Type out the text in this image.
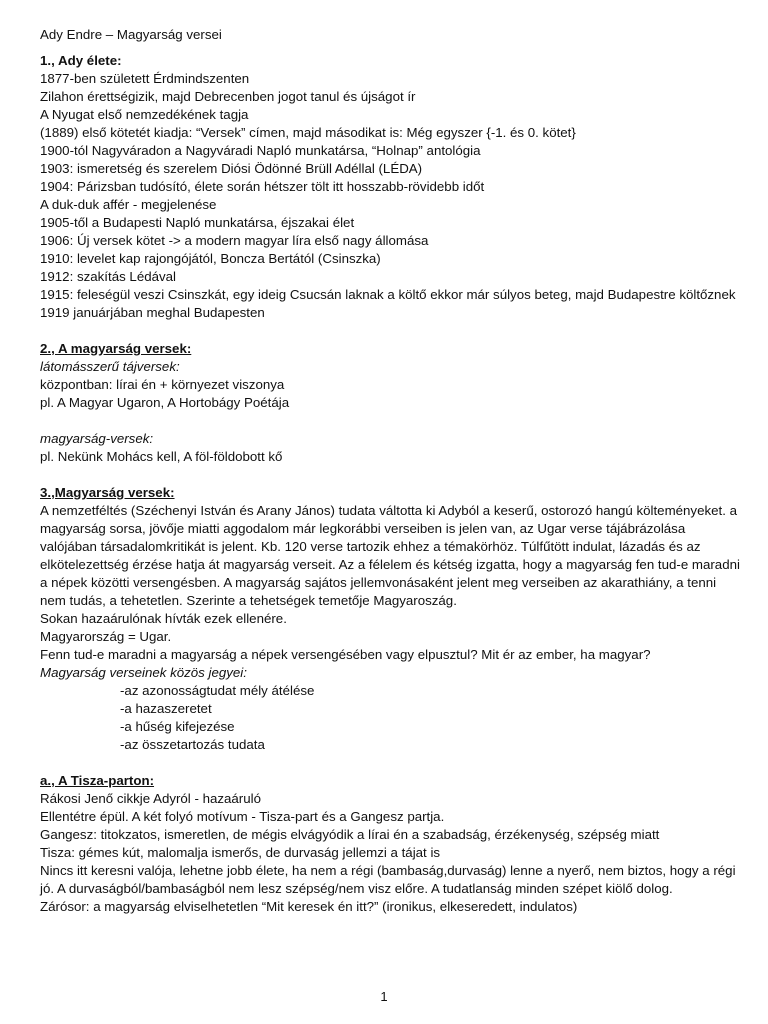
Ady Endre – Magyarság versei
1., Ady élete:
1877-ben született Érdmindszenten
Zilahon érettségizik, majd Debrecenben jogot tanul és újságot ír
A Nyugat első nemzedékének tagja
(1889) első kötetét kiadja: “Versek” címen, majd másodikat is: Még egyszer {-1. és 0. kötet}
1900-tól Nagyváradon a Nagyváradi Napló munkatársa, “Holnap” antológia
1903: ismeretség és szerelem Diósi Ödönné Brüll Adéllal (LÉDA)
1904: Párizsban tudósító, élete során hétszer tölt itt hosszabb-rövidebb időt
A duk-duk affér - megjelenése
1905-től a Budapesti Napló munkatársa, éjszakai élet
1906: Új versek kötet -> a modern magyar líra első nagy állomása
1910: levelet kap rajongójától, Boncza Bertától (Csinszka)
1912: szakítás Lédával
1915: feleségül veszi Csinszkát, egy ideig Csucsán laknak a költő ekkor már súlyos beteg, majd Budapestre költőznek
1919 januárjában meghal Budapesten
2., A magyarság versek:
látomásszerű tájversek:
központban: lírai én + környezet viszonya
pl. A Magyar Ugaron, A Hortobágy Poétája
magyarság-versek:
pl. Nekünk Mohács kell, A föl-földobott kő
3.,Magyarság versek:
A nemzetféltés (Széchenyi István és Arany János) tudata váltotta ki Adyból a keserű, ostorozó hangú költeményeket. a magyarság sorsa, jövője miatti aggodalom már legkorábbi verseiben is jelen van, az Ugar verse tájábrázolása valójában társadalomkritikát is jelent. Kb. 120 verse tartozik ehhez a témakörhöz. Túlfűtött indulat, lázadás és az elkötelezettség érzése hatja át magyarság verseit. Az a félelem és kétség izgatta, hogy a magyarság fen tud-e maradni a népek közötti versengésben. A magyarság sajátos jellemvonásaként jelent meg verseiben az akarathiány, a tenni nem tudás, a tehetetlen. Szerinte a tehetségek temetője Magyaroszág.
Sokan hazaárulónak hívták ezek ellenére.
Magyarország = Ugar.
Fenn tud-e maradni a magyarság a népek versengésében vagy elpusztul? Mit ér az ember, ha magyar?
Magyarság verseinek közös jegyei:
-az azonosságtudat mély átélése
-a hazaszeretet
-a hűség kifejezése
-az összetartozás tudata
a., A Tisza-parton:
Rákosi Jenő cikkje Adyról - hazaáruló
Ellentétre épül. A két folyó motívum - Tisza-part és a Gangesz partja.
Gangesz: titokzatos, ismeretlen, de mégis elvágyódik a lírai én a szabadság, érzékenység, szépség miatt
Tisza: gémes kút, malomalja ismerős, de durvaság jellemzi a tájat is
Nincs itt keresni valója, lehetne jobb élete, ha nem a régi (bambaság,durvaság) lenne a nyerő, nem biztos, hogy a régi jó. A durvaságból/bambaságból nem lesz szépség/nem visz előre. A tudatlanság minden szépet kiölő dolog.
Zárósor: a magyarság elviselhetetlen “Mit keresek én itt?” (ironikus, elkeseredett, indulatos)
1
